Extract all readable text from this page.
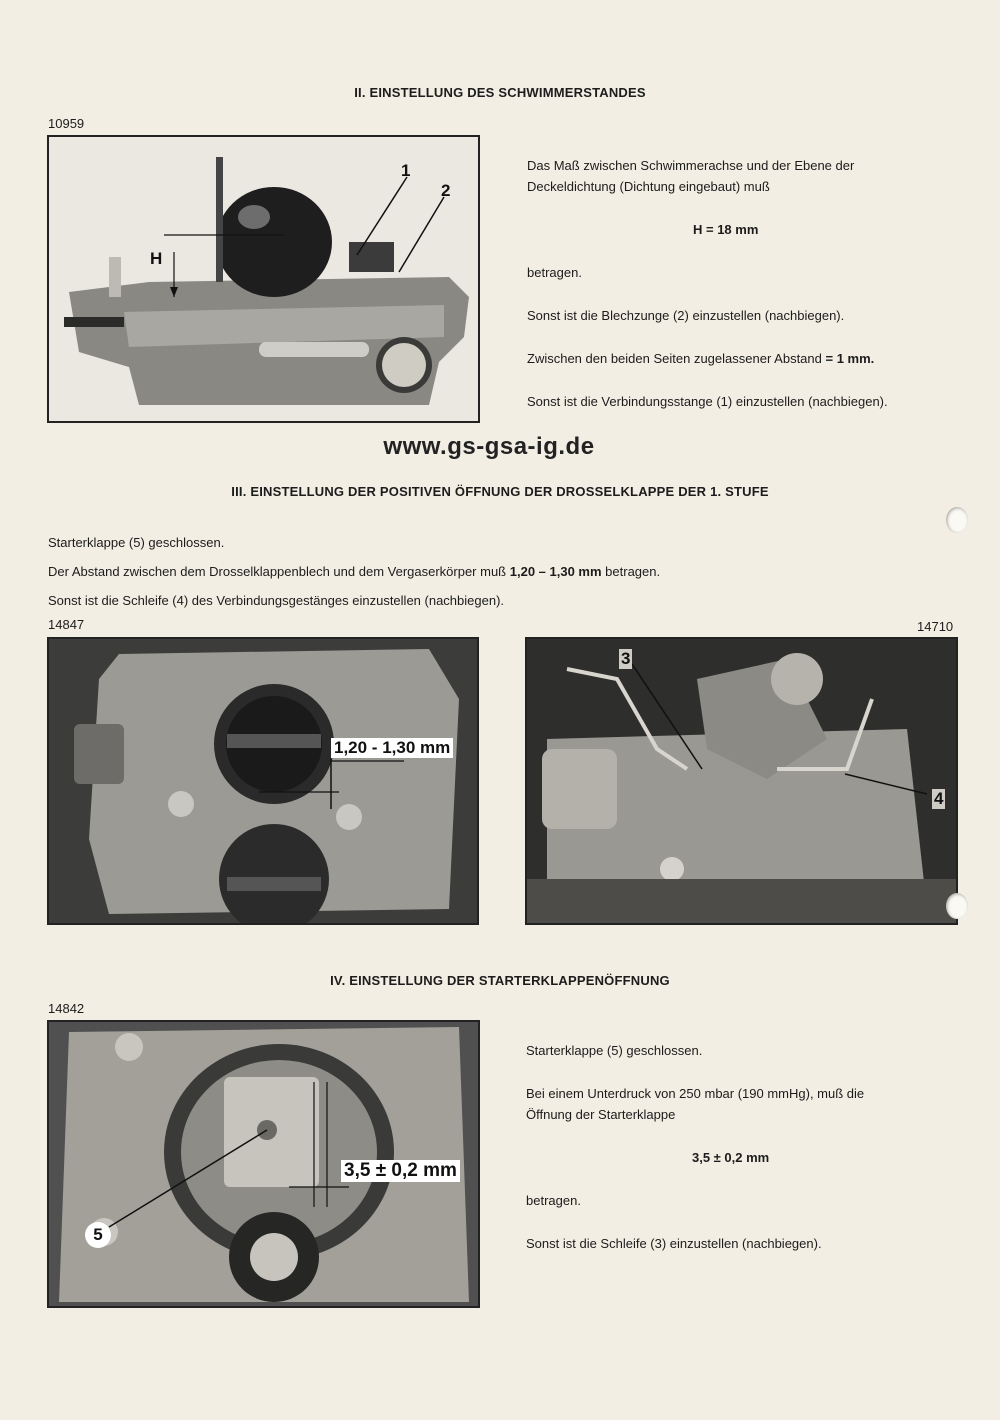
II. EINSTELLUNG DES SCHWIMMERSTANDES
10959
1
2
H
Das Maß zwischen Schwimmerachse und der Ebene der
Deckeldichtung (Dichtung eingebaut) muß
H = 18 mm
betragen.
Sonst ist die Blechzunge (2) einzustellen (nachbiegen).
Zwischen den beiden Seiten zugelassener Abstand = 1 mm.
Sonst ist die Verbindungsstange (1) einzustellen (nachbiegen).
www.gs-gsa-ig.de
III. EINSTELLUNG DER POSITIVEN ÖFFNUNG DER DROSSELKLAPPE DER 1. STUFE
Starterklappe (5) geschlossen.
Der Abstand zwischen dem Drosselklappenblech und dem Vergaserkörper muß 1,20 – 1,30 mm betragen.
Sonst ist die Schleife (4) des Verbindungsgestänges einzustellen (nachbiegen).
14847	14710
1,20 - 1,30 mm
3
4
IV. EINSTELLUNG DER STARTERKLAPPENÖFFNUNG
14842
3,5 ± 0,2 mm
5
Starterklappe (5) geschlossen.
Bei einem Unterdruck von 250 mbar (190 mmHg), muß die
Öffnung der Starterklappe
3,5 ± 0,2 mm
betragen.
Sonst ist die Schleife (3) einzustellen (nachbiegen).
